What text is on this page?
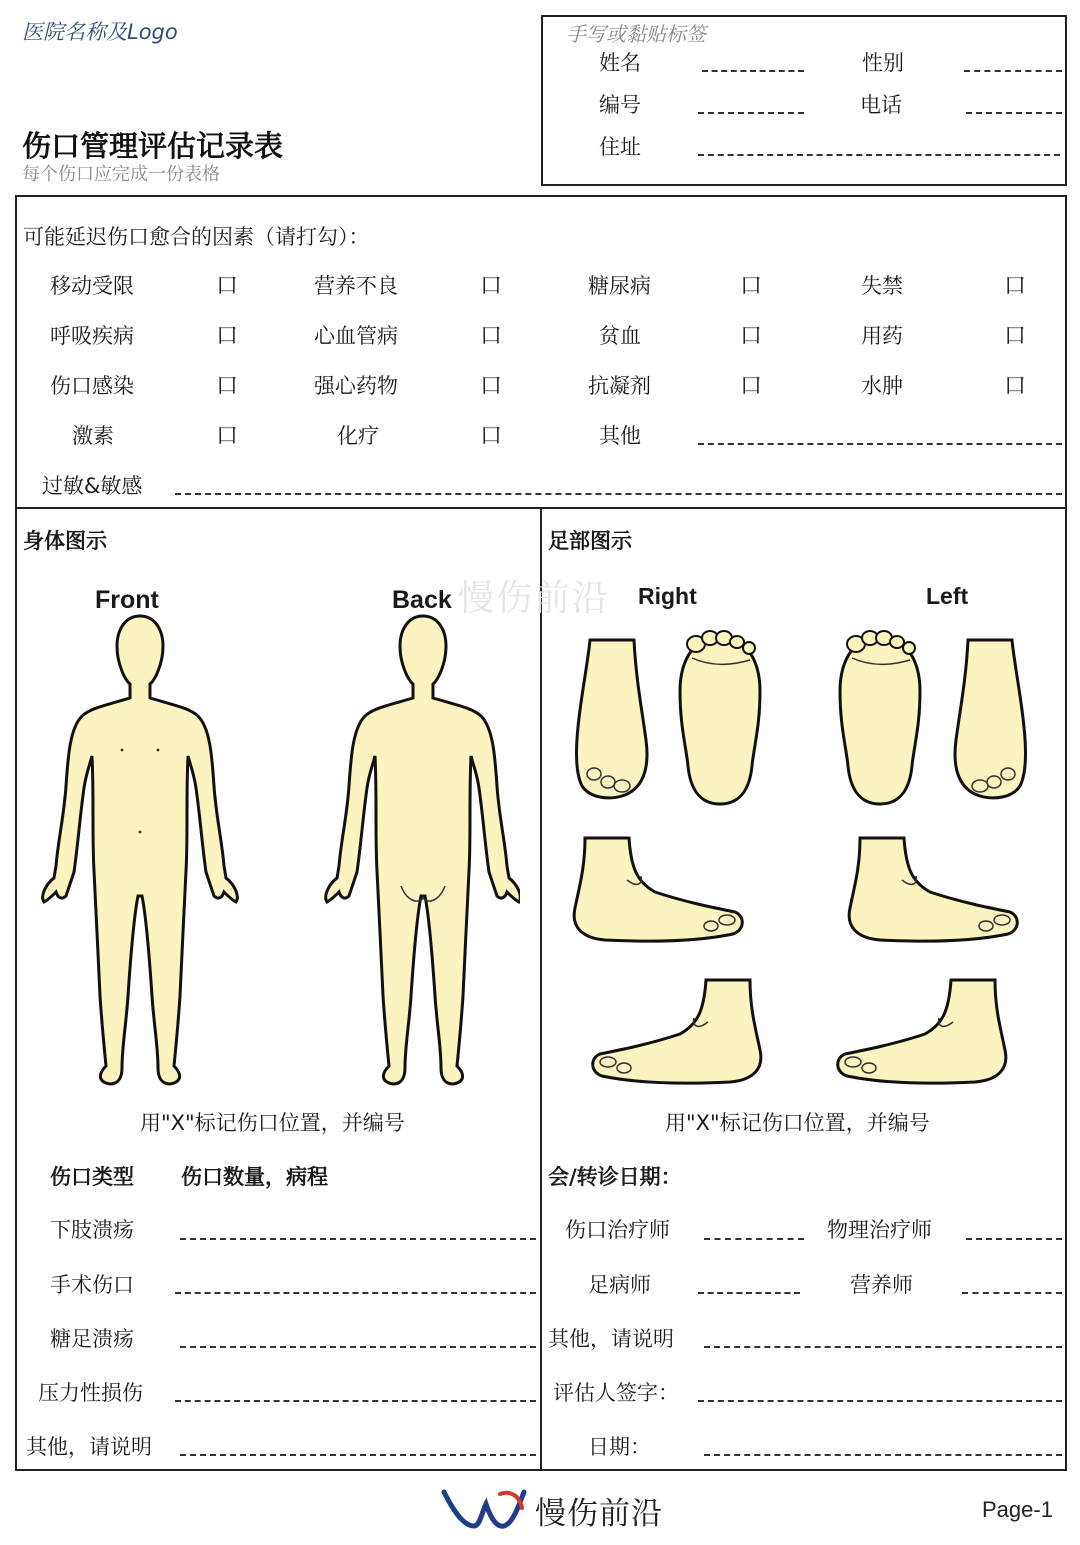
医院名称及Logo
伤口管理评估记录表
每个伤口应完成一份表格
手写或黏贴标签
姓名	性别
编号	电话
住址
可能延迟伤口愈合的因素（请打勾）：
移动受限	口	营养不良	口	糖尿病	口	失禁	口
呼吸疾病	口	心血管病	口	贫血	口	用药	口
伤口感染	口	强心药物	口	抗凝剂	口	水肿	口
激素	口	化疗	口	其他
过敏&敏感
身体图示
Front	Back 慢伤前沿
用"X"标记伤口位置，并编号
足部图示
Right	Left
用"X"标记伤口位置，并编号
伤口类型 伤口数量，病程
下肢溃疡
手术伤口
糖足溃疡
压力性损伤
其他，请说明
会/转诊日期：
伤口治疗师	物理治疗师
足病师	营养师
其他，请说明
评估人签字：
日期：
慢伤前沿	Page-1
